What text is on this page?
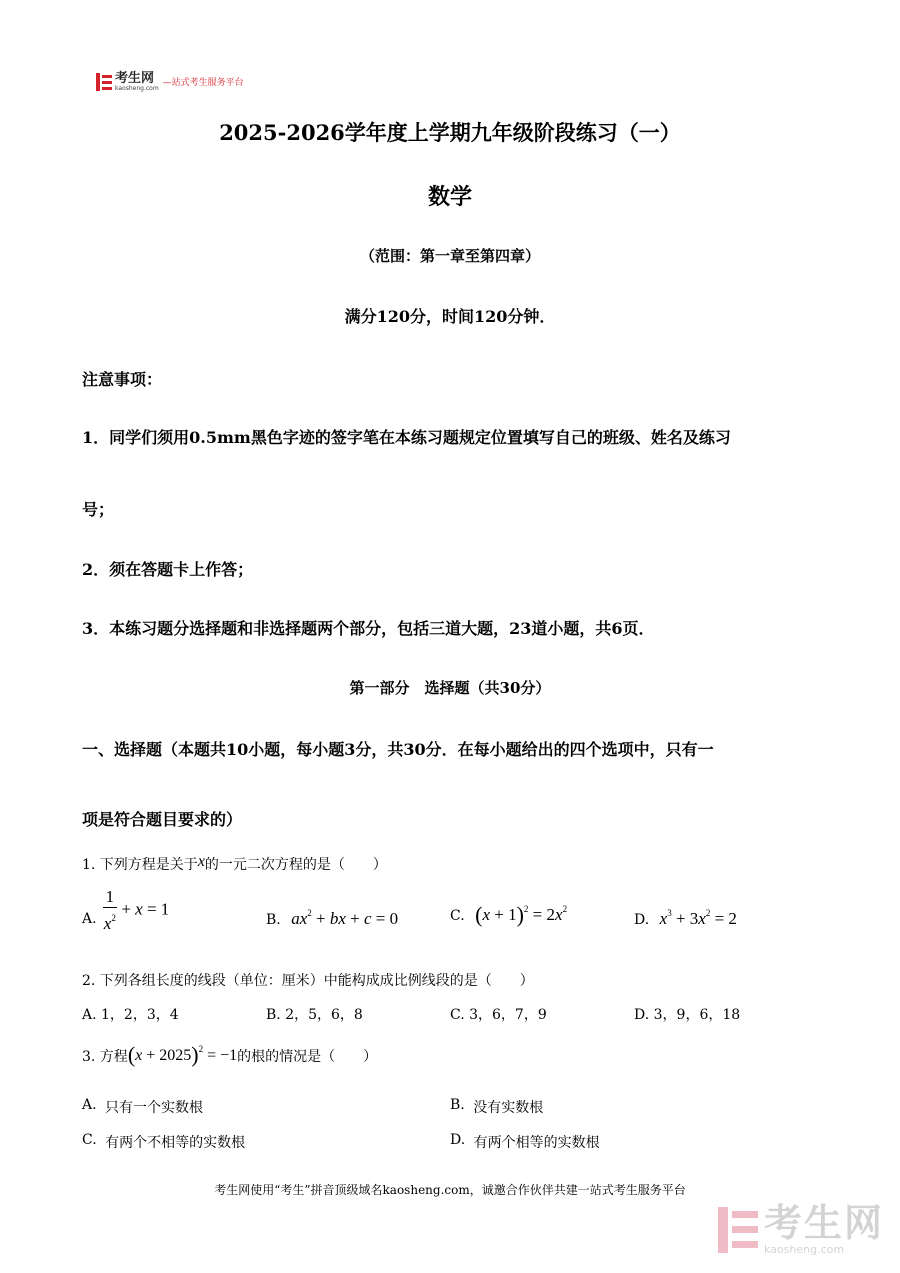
考生网
kaosheng.com
—站式考生服务平台
2025-2026学年度上学期九年级阶段练习（一）
数学
（范围：第一章至第四章）
满分120分，时间120分钟．
注意事项：
1．同学们须用0.5mm黑色字迹的签字笔在本练习题规定位置填写自己的班级、姓名及练习
号；
2．须在答题卡上作答；
3．本练习题分选择题和非选择题两个部分，包括三道大题，23道小题，共6页．
第一部分　选择题（共30分）
一、选择题（本题共10小题，每小题3分，共30分．在每小题给出的四个选项中，只有一
项是符合题目要求的）
1. 下列方程是关于x的一元二次方程的是（　　）
A. $\frac{1}{x^2} + x = 1$
B. $ax^2$ + bx + c = 0	C. $(x + 1)^2 = 2x^2$
D. $x^3 + 3x^2 = 2$
2. 下列各组长度的线段（单位：厘米）中能构成成比例线段的是（　　）
A. 1，2，3，4	B. 2，5，6，8	C. 3，6，7，9	D. 3，9，6，18
3. 方程 $(x + 2025)^2 = -1$ 的根的情况是（　　）
A. 只有一个实数根	B. 没有实数根
C. 有两个不相等的实数根	D. 有两个相等的实数根
考生网使用“考生”拼音顶级域名kaosheng.com，诚邀合作伙伴共建一站式考生服务平台
考生网
kaosheng.com
